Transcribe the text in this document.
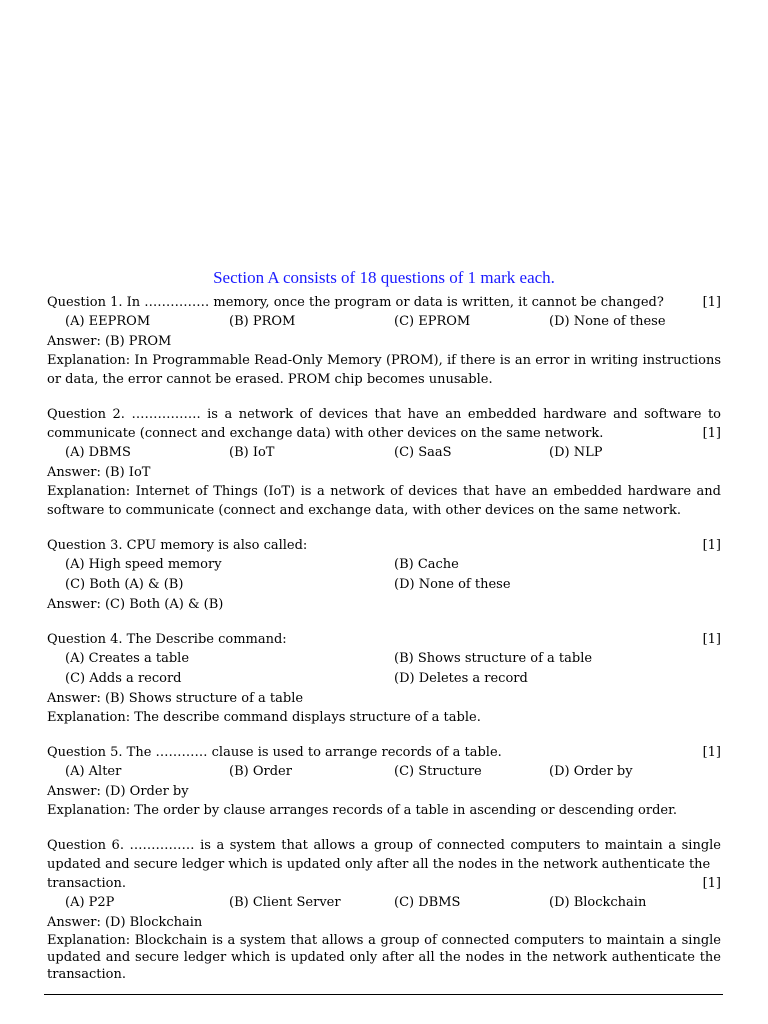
Section A consists of 18 questions of 1 mark each.
Question 1. In …………… memory, once the program or data is written, it cannot be changed?	[1]
(A) EEPROM	(B) PROM	(C) EPROM	(D) None of these
Answer: (B) PROM
Explanation: In Programmable Read-Only Memory (PROM), if there is an error in writing instructions or data, the error cannot be erased. PROM chip becomes unusable.
Question 2. ……………. is a network of devices that have an embedded hardware and software to
communicate (connect and exchange data) with other devices on the same network.	[1]
(A) DBMS	(B) IoT	(C) SaaS	(D) NLP
Answer: (B) IoT
Explanation: Internet of Things (IoT) is a network of devices that have an embedded hardware and software to communicate (connect and exchange data, with other devices on the same network.
Question 3. CPU memory is also called:	[1]
(A) High speed memory	(B) Cache
(C) Both (A) & (B)	(D) None of these
Answer: (C) Both (A) & (B)
Question 4. The Describe command:	[1]
(A) Creates a table	(B) Shows structure of a table
(C) Adds a record	(D) Deletes a record
Answer: (B) Shows structure of a table
Explanation: The describe command displays structure of a table.
Question 5. The ………… clause is used to arrange records of a table.	[1]
(A) Alter	(B) Order	(C) Structure	(D) Order by
Answer: (D) Order by
Explanation: The order by clause arranges records of a table in ascending or descending order.
Question 6. …………… is a system that allows a group of connected computers to maintain a single updated and secure ledger which is updated only after all the nodes in the network authenticate the
transaction.	[1]
(A) P2P	(B) Client Server	(C) DBMS	(D) Blockchain
Answer: (D) Blockchain
Explanation: Blockchain is a system that allows a group of connected computers to maintain a single updated and secure ledger which is updated only after all the nodes in the network authenticate the transaction.
